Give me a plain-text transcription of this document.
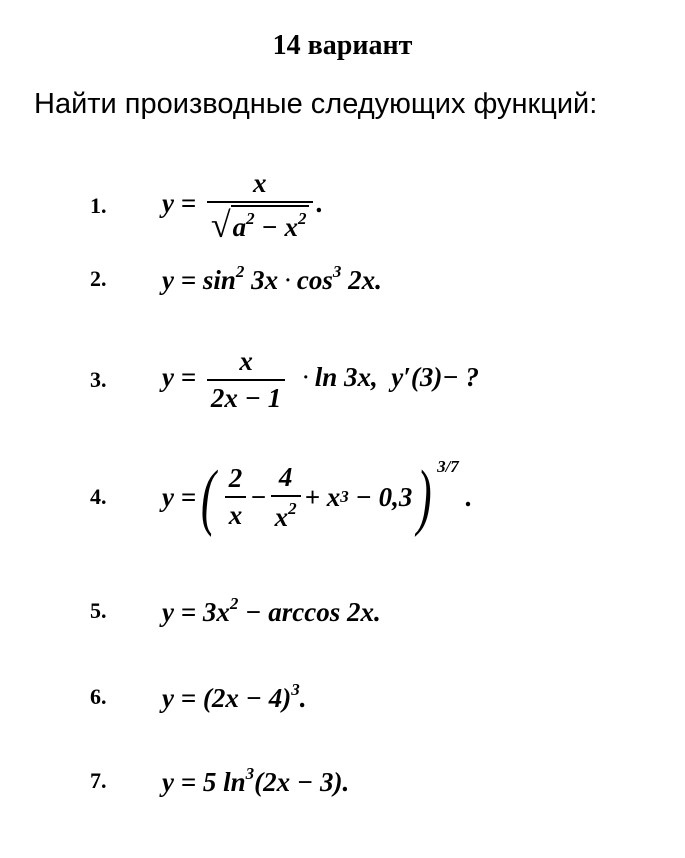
14 вариант
Найти производные следующих функций:
1.	$y = \frac{x}{√ a^2 - x^2}$ .
2.	$y = \sin^2 3x \cdot \cos^3 2x$.
3.	$y = \frac{x}{2x - 1} \cdot \ln 3x$,  y′(3)− ?
4.	y = ( $\frac{2}{x} - \frac{4}{x^2} + x$ 3 − 0,3 ) $^{3/7}$
.
5.	$y = 3x^2 - \arccos 2x$.
6.	$y = (2x - 4)^3$.
7.	y = 5 $\ln^3(2x - 3)$.
